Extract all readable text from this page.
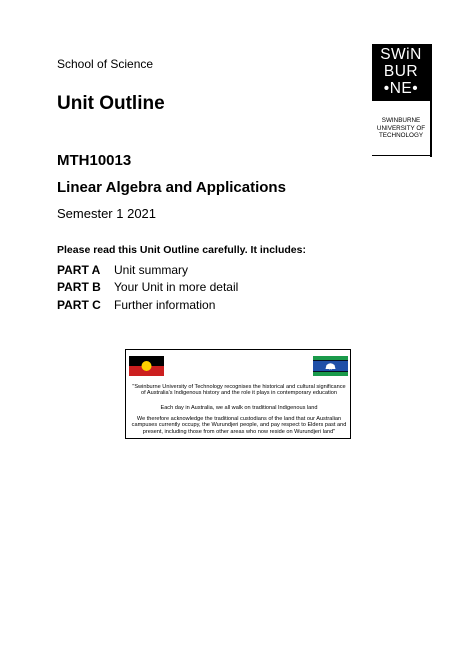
School of Science
Unit Outline
MTH10013
Linear Algebra and Applications
Semester 1 2021
Please read this Unit Outline carefully. It includes:
PART A Unit summary
PART B Your Unit in more detail
PART C Further information
SWiN
BUR
•NE•
SWINBURNE
UNIVERSITY OF
TECHNOLOGY
"Swinburne University of Technology recognises the historical and cultural significance of Australia's Indigenous history and the role it plays in contemporary education
Each day in Australia, we all walk on traditional Indigenous land
We therefore acknowledge the traditional custodians of the land that our Australian campuses currently occupy, the Wurundjeri people, and pay respect to Elders past and present, including those from other areas who now reside on Wurundjeri land"
